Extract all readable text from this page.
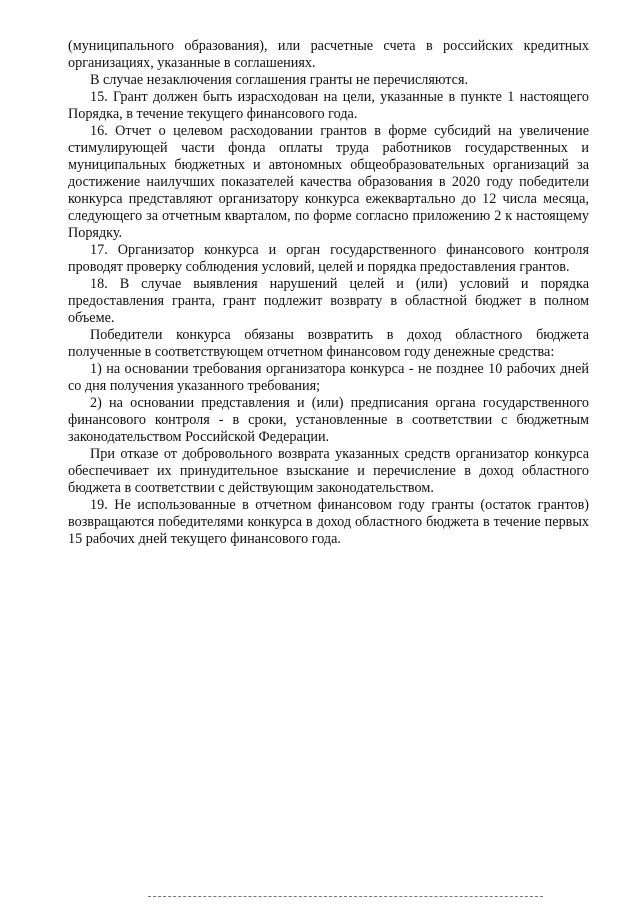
(муниципального образования), или расчетные счета в российских кредитных организациях, указанные в соглашениях.

В случае незаключения соглашения гранты не перечисляются.

15. Грант должен быть израсходован на цели, указанные в пункте 1 настоящего Порядка, в течение текущего финансового года.

16. Отчет о целевом расходовании грантов в форме субсидий на увеличение стимулирующей части фонда оплаты труда работников государственных и муниципальных бюджетных и автономных общеобразовательных организаций за достижение наилучших показателей качества образования в 2020 году победители конкурса представляют организатору конкурса ежеквартально до 12 числа месяца, следующего за отчетным кварталом, по форме согласно приложению 2 к настоящему Порядку.

17. Организатор конкурса и орган государственного финансового контроля проводят проверку соблюдения условий, целей и порядка предоставления грантов.

18. В случае выявления нарушений целей и (или) условий и порядка предоставления гранта, грант подлежит возврату в областной бюджет в полном объеме.

Победители конкурса обязаны возвратить в доход областного бюджета полученные в соответствующем отчетном финансовом году денежные средства:

1) на основании требования организатора конкурса - не позднее 10 рабочих дней со дня получения указанного требования;

2) на основании представления и (или) предписания органа государственного финансового контроля - в сроки, установленные в соответствии с бюджетным законодательством Российской Федерации.

При отказе от добровольного возврата указанных средств организатор конкурса обеспечивает их принудительное взыскание и перечисление в доход областного бюджета в соответствии с действующим законодательством.

19. Не использованные в отчетном финансовом году гранты (остаток грантов) возвращаются победителями конкурса в доход областного бюджета в течение первых 15 рабочих дней текущего финансового года.
